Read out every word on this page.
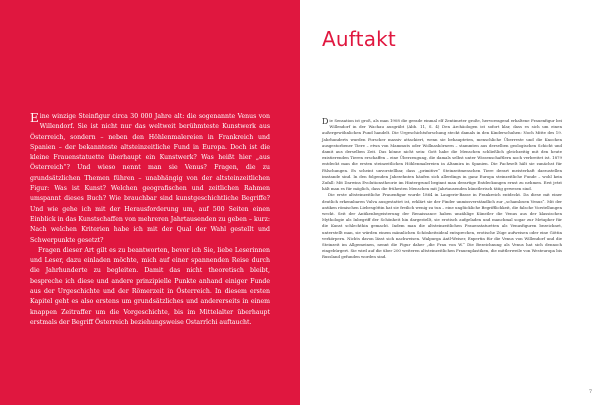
Eine winzige Steinfigur circa 30 000 Jahre alt: die sogenannte Venus von Willendorf. Sie ist nicht nur das weltweit berühmteste Kunstwerk aus Österreich, sondern – neben den Höhlenmalereien in Frankreich und Spanien – der bekannteste altsteinzeitliche Fund in Europa. Doch ist die kleine Frauenstatuette überhaupt ein Kunstwerk? Was heißt hier „aus Österreich“? Und wieso nennt man sie Venus? Fragen, die zu grundsätzlichen Themen führen – unabhängig von der altsteinzeitlichen Figur: Was ist Kunst? Welchen geografischen und zeitlichen Rahmen umspannt dieses Buch? Wie brauchbar sind kunstgeschichtliche Begriffe? Und wie gehe ich mit der Herausforderung um, auf 500 Seiten einen Einblick in das Kunstschaffen von mehreren Jahrtausenden zu geben – kurz: Nach welchen Kriterien habe ich mit der Qual der Wahl gestellt und Schwerpunkte gesetzt?

Fragen dieser Art gilt es zu beantworten, bevor ich Sie, liebe Leserinnen und Leser, dazu einladen möchte, mich auf einer spannenden Reise durch die Jahrhunderte zu begleiten. Damit das nicht theoretisch bleibt, bespreche ich diese und andere prinzipielle Punkte anhand einiger Funde aus der Urgeschichte und der Römerzeit in Österreich. In diesem ersten Kapitel geht es also erstens um grundsätzliches und andererseits in einem knappen Zeitraffer um die Vorgeschichte, bis im Mittelalter überhaupt erstmals der Begriff Österreich beziehungsweise Ostarrîchi auftaucht.

Auftakt

Die Sensation ist groß, als man 1908 die gerade einmal elf Zentimeter große, hervorragend erhaltene Frauenfigur bei Willendorf in der Wachau ausgräbt (Abb. 11, S. 4) Den Archäologen ist sofort klar, dass es sich um einen außergewöhnlichen Fund handelt. Die Urgeschichtsforschung steckt damals in den Kinderschuhen: Noch Mitte des 19. Jahrhunderts wurden Forscher massiv attackiert, wenn sie behaupteten, menschliche Überreste und die Knochen ausgestorbener Tiere – etwa von Mammuts oder Wollnashörnern – stammten aus derselben geologischen Schicht und damit aus derselben Zeit. Das könne nicht sein: Gott habe die Menschen schließlich gleichzeitig mit den heute existierenden Tieren erschaffen – eine Überzeugung, die damals selbst unter Wissenschaftlern noch verbreitet ist. 1879 entdeckt man die ersten steinzeitlichen Höhlenmalereien in Altamira in Spanien. Die Fachwelt hält sie zunächst für Fälschungen. Es scheint unvorstellbar, dass „primitive“ Steinzeitmenschen Tiere derart meisterhaft darzustellen imstande sind. In den folgenden Jahrzehnten häufen sich allerdings in ganz Europa steinzeitliche Funde – wohl kein Zufall: Mit Darwins Evolutionstheorie im Hintergrund beginnt man derartige Entdeckungen ernst zu nehmen. Erst jetzt hält man es für möglich, dass die frühesten Menschen mit Jahrtausenden künstlerisch tätig gewesen sind.

Die erste altsteinzeitliche Frauenfigur wurde 1864 in Laugerie-Basse in Frankreich entdeckt. Da diese mit einer deutlich erkennbaren Vulva ausgestattet ist, erklärt sie der Finder unmissverständlich zur „schamlosen Venus“. Mit der antiken römischen Liebesgöttin hat sie freilich wenig zu tun – eine unglückliche Begrifflichkeit, die falsche Vorstellungen weckt. Seit der Antikenbegeisterung der Renaissance haben unzählige Künstler die Venus aus der klassischen Mythologie als Inbegriff der Schönheit hin dargestellt, sie erotisch aufgeladen und manchmal sogar zur Metapher für die Kunst schlechthin gemacht. Indem man die altsteinzeitlichen Frauenstatuetten als Venusfiguren bezeichnet, unterstellt man, sie würden einem männlichen Schönheitsideal entsprechen, erotische Züge aufweisen oder eine Göttin verkörpern. Nichts davon lässt sich nachweisen. Walpurga Antl-Weiser, Expertin für die Venus von Willendorf und die Steinzeit im Allgemeinen, nennt die Figur daher „die Frau von W.“ Die Bezeichnung als Venus hat sich dennoch eingebürgert. Sie wird auf die über 200 weiteren altsteinzeitlichen Frauenplastiken, die mittlerweile von Westeuropa bis Russland gefunden worden sind.

7
